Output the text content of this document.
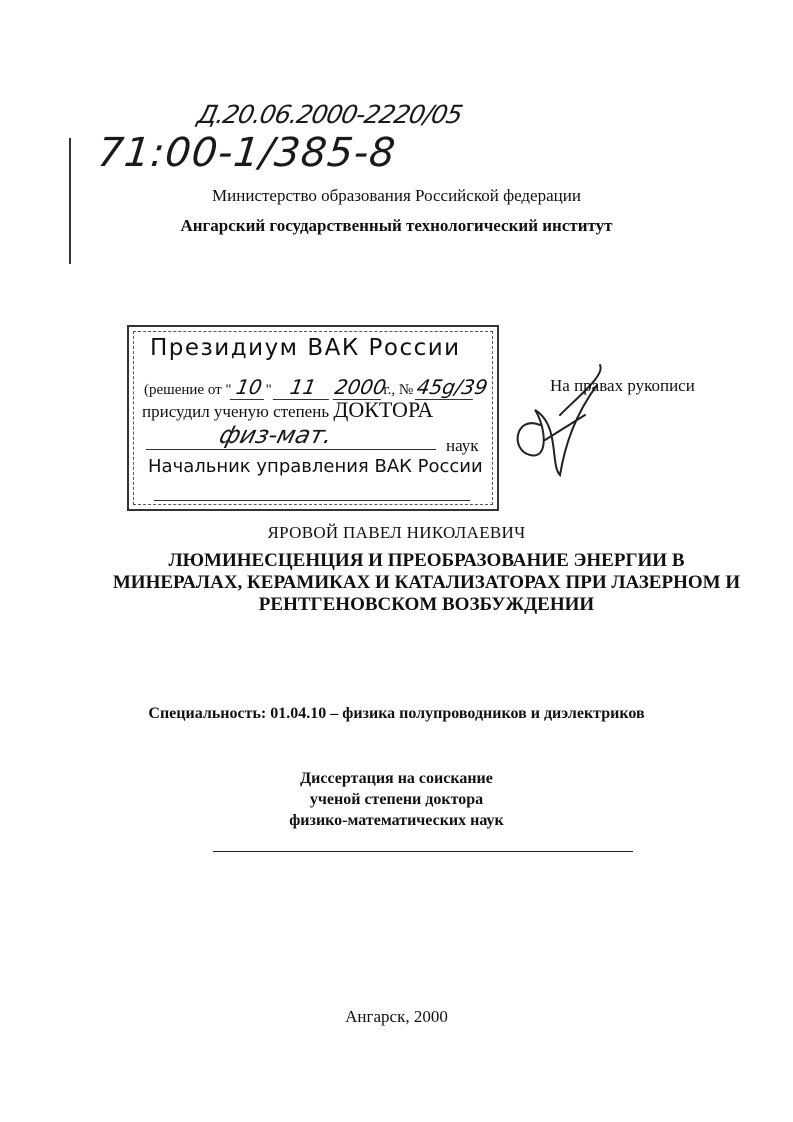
Д.20.06.2000-2220/05
71:00-1/385-8
Министерство образования Российской федерации
Ангарский государственный технологический институт
Президиум ВАК России
(решение от " 10 " 11 2000г., № 45g/39
присудил ученую степень ДОКТОРА
физ-мат.	наук
Начальник управления ВАК России
На правах рукописи
ЯРОВОЙ ПАВЕЛ НИКОЛАЕВИЧ
ЛЮМИНЕСЦЕНЦИЯ И ПРЕОБРАЗОВАНИЕ ЭНЕРГИИ В
МИНЕРАЛАХ, КЕРАМИКАХ И КАТАЛИЗАТОРАХ ПРИ ЛАЗЕРНОМ И
РЕНТГЕНОВСКОМ ВОЗБУЖДЕНИИ
Специальность: 01.04.10 – физика полупроводников и диэлектриков
Диссертация на соискание
ученой степени доктора
физико-математических наук
Ангарск, 2000
